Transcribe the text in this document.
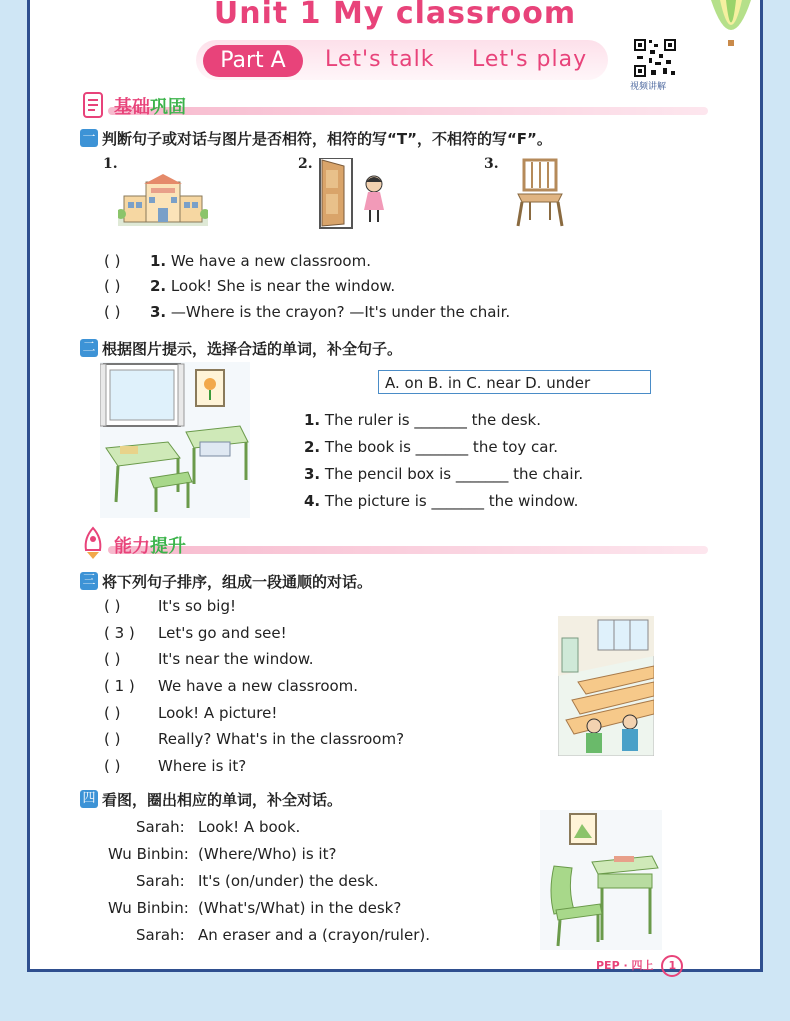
Unit 1 My classroom
Part A	Let's talk Let's play
视频讲解
基础 巩固
一 判断句子或对话与图片是否相符，相符的写“T”，不相符的写“F”。
1.	2.	3.
( ) 1. We have a new classroom.
( ) 2. Look! She is near the window.
( ) 3. —Where is the crayon? —It's under the chair.
二 根据图片提示，选择合适的单词，补全句子。
A. on B. in C. near D. under
1. The ruler is _______ the desk.
2. The book is _______ the toy car.
3. The pencil box is _______ the chair.
4. The picture is _______ the window.
能力 提升
三 将下列句子排序，组成一段通顺的对话。
( )	It's so big!
( 3 ) Let's go and see!
( )	It's near the window.
( 1 ) We have a new classroom.
( )	Look! A picture!
( )	Really? What's in the classroom?
( )	Where is it?
四 看图，圈出相应的单词，补全对话。
Sarah: Look! A book.
Wu Binbin: (Where/Who) is it?
Sarah: It's (on/under) the desk.
Wu Binbin: (What's/What) in the desk?
Sarah: An eraser and a (crayon/ruler).
PEP · 四上 1
